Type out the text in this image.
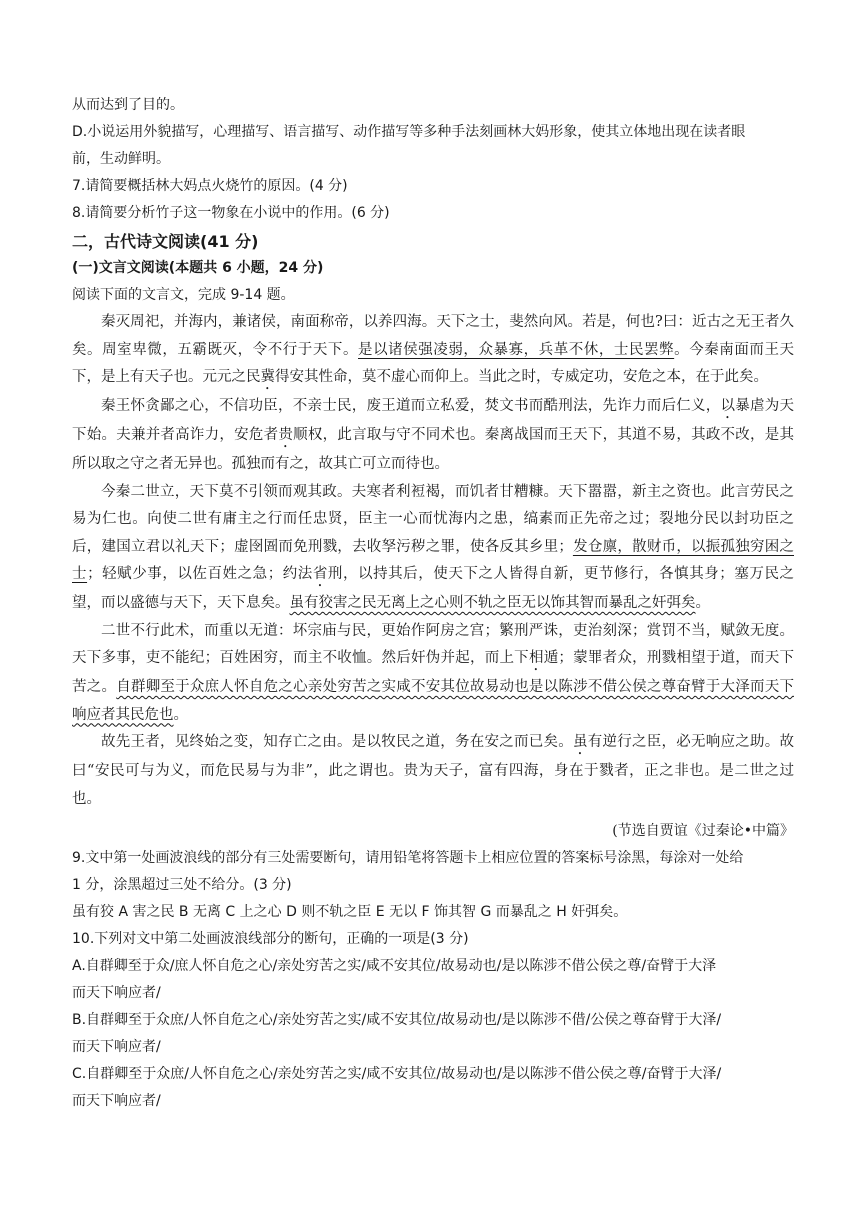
从而达到了目的。
D.小说运用外貌描写，心理描写、语言描写、动作描写等多种手法刻画林大妈形象，使其立体地出现在读者眼
前，生动鲜明。
7.请简要概括林大妈点火烧竹的原因。(4 分)
8.请简要分析竹子这一物象在小说中的作用。(6 分)
二，古代诗文阅读(41 分)
(一)文言文阅读(本题共 6 小题，24 分)
阅读下面的文言文，完成 9-14 题。
秦灭周祀，并海内，兼诸侯，南面称帝，以养四海。天下之士，斐然向风。若是，何也?曰：近古之无王者久矣。周室卑微，五霸既灭，令不行于天下。是以诸侯强凌弱，众暴寡，兵革不休，士民罢弊。今秦南面而王天下，是上有天子也。元元之民冀得安其性命，莫不虚心而仰上。当此之时，专威定功，安危之本，在于此矣。
秦王怀贪鄙之心，不信功臣，不亲士民，废王道而立私爱，焚文书而酷刑法，先诈力而后仁义，以暴虐为天下始。夫兼并者高诈力，安危者贵顺权，此言取与守不同术也。秦离战国而王天下，其道不易，其政不改，是其所以取之守之者无异也。孤独而有之，故其亡可立而待也。
今秦二世立，天下莫不引领而观其政。夫寒者利裋褐，而饥者甘糟糠。天下嚣嚣，新主之资也。此言劳民之易为仁也。向使二世有庸主之行而任忠贤，臣主一心而忧海内之患，缟素而正先帝之过；裂地分民以封功臣之后，建国立君以礼天下；虚囹圄而免刑戮，去收孥污秽之罪，使各反其乡里；发仓廪，散财币，以振孤独穷困之士；轻赋少事，以佐百姓之急；约法省刑，以持其后，使天下之人皆得自新，更节修行，各慎其身；塞万民之望，而以盛德与天下，天下息矣。虽有狡害之民无离上之心则不轨之臣无以饰其智而暴乱之奸弭矣。
二世不行此术，而重以无道：坏宗庙与民，更始作阿房之宫；繁刑严诛，吏治刻深；赏罚不当，赋敛无度。天下多事，吏不能纪；百姓困穷，而主不收恤。然后奸伪并起，而上下相遁；蒙罪者众，刑戮相望于道，而天下苦之。自群卿至于众庶人怀自危之心亲处穷苦之实咸不安其位故易动也是以陈涉不借公侯之尊奋臂于大泽而天下响应者其民危也。
故先王者，见终始之变，知存亡之由。是以牧民之道，务在安之而已矣。虽有逆行之臣，必无响应之助。故曰“安民可与为义，而危民易与为非”，此之谓也。贵为天子，富有四海，身在于戮者，正之非也。是二世之过也。
(节选自贾谊《过秦论•中篇》
9.文中第一处画波浪线的部分有三处需要断句，请用铅笔将答题卡上相应位置的答案标号涂黑，每涂对一处给
1 分，涂黑超过三处不给分。(3 分)
虽有狡 A 害之民 B 无离 C 上之心 D 则不轨之臣 E 无以 F 饰其智 G 而暴乱之 H 奸弭矣。
10.下列对文中第二处画波浪线部分的断句，正确的一项是(3 分)
A.自群卿至于众/庶人怀自危之心/亲处穷苦之实/咸不安其位/故易动也/是以陈涉不借公侯之尊/奋臂于大泽
而天下响应者/
B.自群卿至于众庶/人怀自危之心/亲处穷苦之实/咸不安其位/故易动也/是以陈涉不借/公侯之尊奋臂于大泽/
而天下响应者/
C.自群卿至于众庶/人怀自危之心/亲处穷苦之实/咸不安其位/故易动也/是以陈涉不借公侯之尊/奋臂于大泽/
而天下响应者/
